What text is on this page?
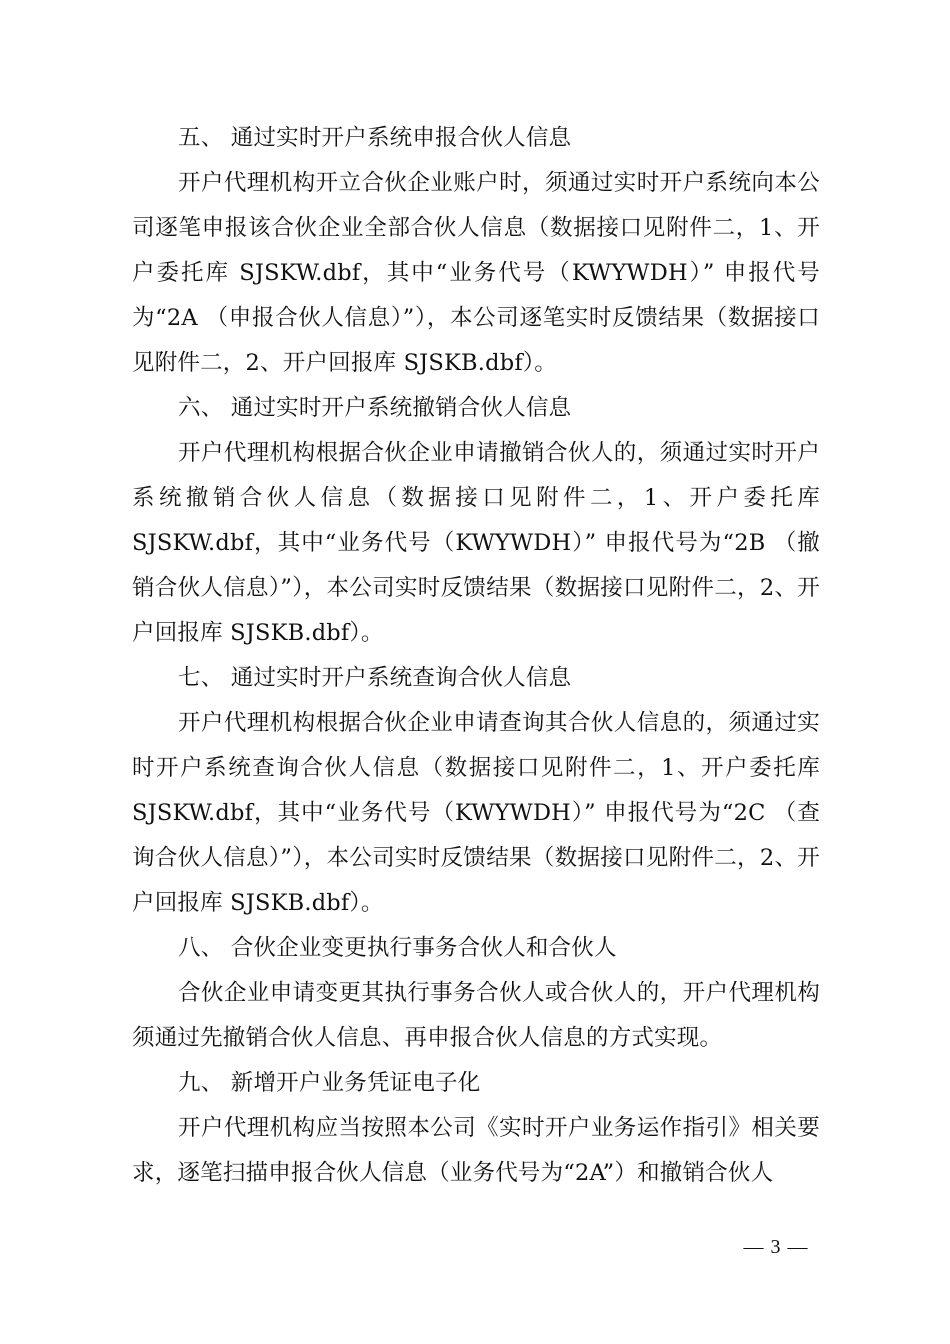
五、 通过实时开户系统申报合伙人信息

开户代理机构开立合伙企业账户时，须通过实时开户系统向本公司逐笔申报该合伙企业全部合伙人信息（数据接口见附件二，1、开户委托库 SJSKW.dbf，其中“业务代号（KWYWDH）” 申报代号为“2A （申报合伙人信息）”），本公司逐笔实时反馈结果（数据接口见附件二，2、开户回报库 SJSKB.dbf）。

六、 通过实时开户系统撤销合伙人信息

开户代理机构根据合伙企业申请撤销合伙人的，须通过实时开户系统撤销合伙人信息（数据接口见附件二，1、开户委托库 SJSKW.dbf，其中“业务代号（KWYWDH）” 申报代号为“2B （撤销合伙人信息）”），本公司实时反馈结果（数据接口见附件二，2、开户回报库 SJSKB.dbf）。

七、 通过实时开户系统查询合伙人信息

开户代理机构根据合伙企业申请查询其合伙人信息的，须通过实时开户系统查询合伙人信息（数据接口见附件二，1、开户委托库 SJSKW.dbf，其中“业务代号（KWYWDH）” 申报代号为“2C （查询合伙人信息）”），本公司实时反馈结果（数据接口见附件二，2、开户回报库 SJSKB.dbf）。

八、 合伙企业变更执行事务合伙人和合伙人

合伙企业申请变更其执行事务合伙人或合伙人的，开户代理机构须通过先撤销合伙人信息、再申报合伙人信息的方式实现。

九、 新增开户业务凭证电子化

开户代理机构应当按照本公司《实时开户业务运作指引》相关要求，逐笔扫描申报合伙人信息（业务代号为“2A”）和撤销合伙人

— 3 —
